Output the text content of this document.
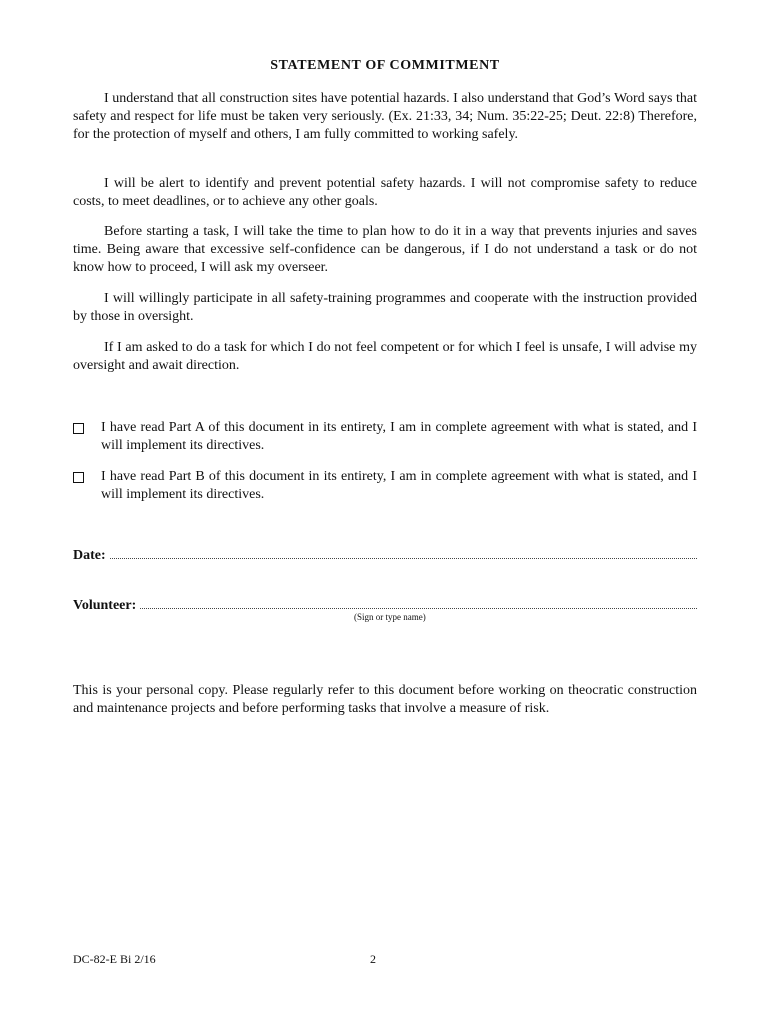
STATEMENT OF COMMITMENT

I understand that all construction sites have potential hazards. I also understand that God’s Word says that safety and respect for life must be taken very seriously. (Ex. 21:33, 34; Num. 35:22-25; Deut. 22:8) Therefore, for the protection of myself and others, I am fully committed to working safely.

I will be alert to identify and prevent potential safety hazards. I will not compromise safety to reduce costs, to meet deadlines, or to achieve any other goals.

Before starting a task, I will take the time to plan how to do it in a way that prevents injuries and saves time. Being aware that excessive self-confidence can be dangerous, if I do not understand a task or do not know how to proceed, I will ask my overseer.

I will willingly participate in all safety-training programmes and cooperate with the instruction provided by those in oversight.

If I am asked to do a task for which I do not feel competent or for which I feel is unsafe, I will advise my oversight and await direction.

I have read Part A of this document in its entirety, I am in complete agreement with what is stated, and I will implement its directives.
I have read Part B of this document in its entirety, I am in complete agreement with what is stated, and I will implement its directives.
Date:
Volunteer:

(Sign or type name)

This is your personal copy. Please regularly refer to this document before working on theocratic construction and maintenance projects and before performing tasks that involve a measure of risk.

DC-82-E Bi 2/16	2
